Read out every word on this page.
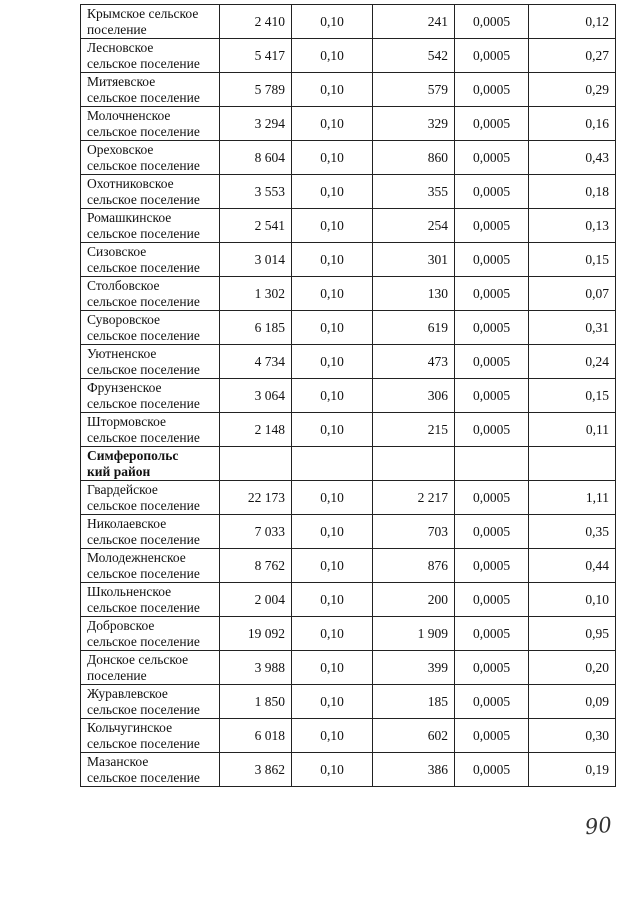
Крымское сельское
поселение	2 410	0,10	241	0,0005	0,12

Лесновское
сельское поселение	5 417	0,10	542	0,0005	0,27

Митяевское
сельское поселение	5 789	0,10	579	0,0005	0,29

Молочненское
сельское поселение	3 294	0,10	329	0,0005	0,16

Ореховское
сельское поселение	8 604	0,10	860	0,0005	0,43

Охотниковское
сельское поселение	3 553	0,10	355	0,0005	0,18

Ромашкинское
сельское поселение	2 541	0,10	254	0,0005	0,13

Сизовское
сельское поселение	3 014	0,10	301	0,0005	0,15

Столбовское
сельское поселение	1 302	0,10	130	0,0005	0,07

Суворовское
сельское поселение	6 185	0,10	619	0,0005	0,31

Уютненское
сельское поселение	4 734	0,10	473	0,0005	0,24

Фрунзенское
сельское поселение	3 064	0,10	306	0,0005	0,15

Штормовское
сельское поселение	2 148	0,10	215	0,0005	0,11

Симферопольс
кий район					

Гвардейское
сельское поселение	22 173	0,10	2 217	0,0005	1,11

Николаевское
сельское поселение	7 033	0,10	703	0,0005	0,35

Молодежненское
сельское поселение	8 762	0,10	876	0,0005	0,44

Школьненское
сельское поселение	2 004	0,10	200	0,0005	0,10

Добровское
сельское поселение	19 092	0,10	1 909	0,0005	0,95

Донское сельское
поселение	3 988	0,10	399	0,0005	0,20

Журавлевское
сельское поселение	1 850	0,10	185	0,0005	0,09

Кольчугинское
сельское поселение	6 018	0,10	602	0,0005	0,30

Мазанское
сельское поселение	3 862	0,10	386	0,0005	0,19
90
